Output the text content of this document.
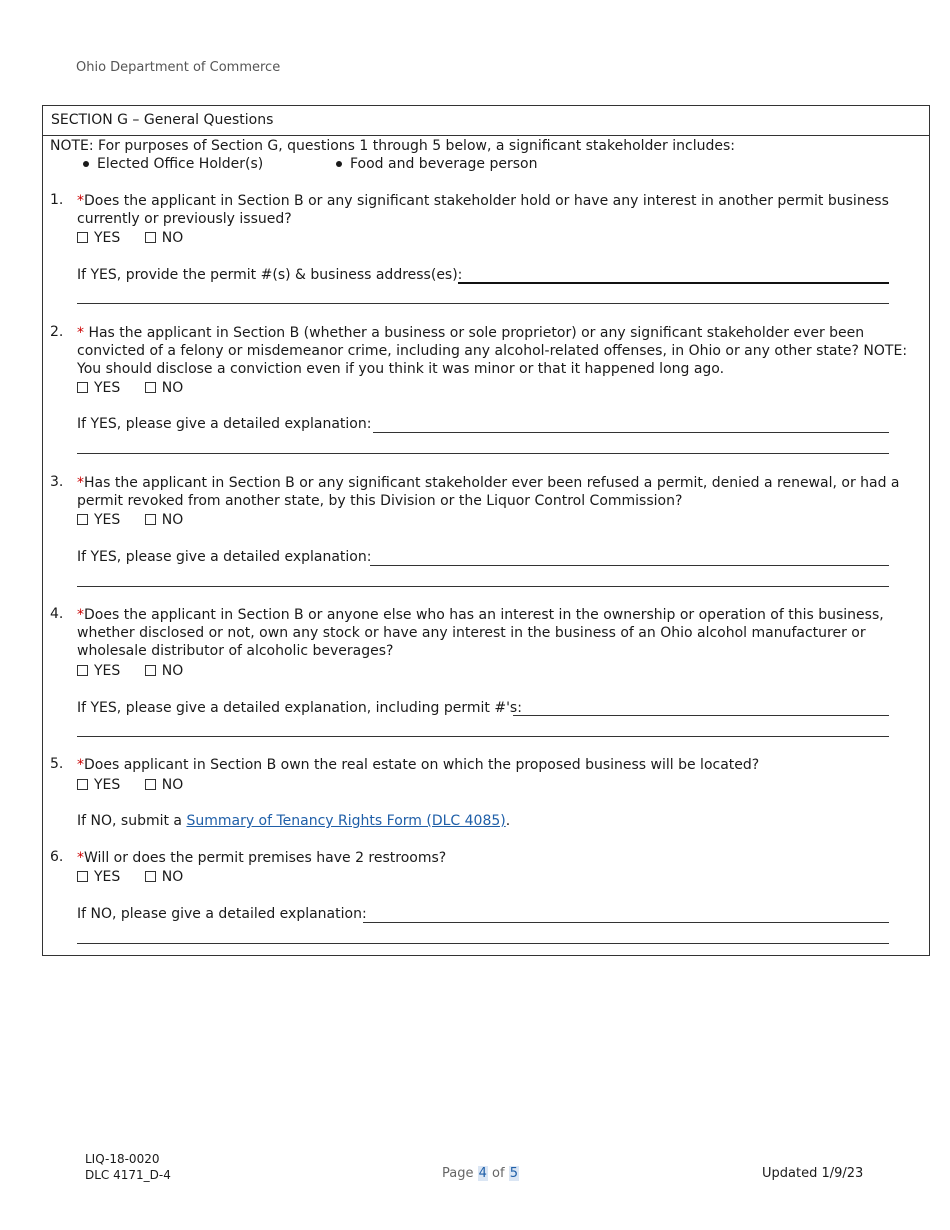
Ohio Department of Commerce
SECTION G – General Questions
NOTE: For purposes of Section G, questions 1 through 5 below, a significant stakeholder includes:
Elected Office Holder(s)	Food and beverage person
1. *Does the applicant in Section B or any significant stakeholder hold or have any interest in another permit business currently or previously issued?
YES	NO
If YES, provide the permit #(s) & business address(es):
2. * Has the applicant in Section B (whether a business or sole proprietor) or any significant stakeholder ever been convicted of a felony or misdemeanor crime, including any alcohol-related offenses, in Ohio or any other state? NOTE: You should disclose a conviction even if you think it was minor or that it happened long ago.
YES	NO
If YES, please give a detailed explanation:
3. *Has the applicant in Section B or any significant stakeholder ever been refused a permit, denied a renewal, or had a permit revoked from another state, by this Division or the Liquor Control Commission?
YES	NO
If YES, please give a detailed explanation:
4. *Does the applicant in Section B or anyone else who has an interest in the ownership or operation of this business, whether disclosed or not, own any stock or have any interest in the business of an Ohio alcohol manufacturer or wholesale distributor of alcoholic beverages?
YES	NO
If YES, please give a detailed explanation, including permit #'s:
5. *Does applicant in Section B own the real estate on which the proposed business will be located?
YES	NO
If NO, submit a Summary of Tenancy Rights Form (DLC 4085).
6. *Will or does the permit premises have 2 restrooms?
YES	NO
If NO, please give a detailed explanation:
LIQ-18-0020
DLC 4171_D-4	Page 4 of 5	Updated 1/9/23
